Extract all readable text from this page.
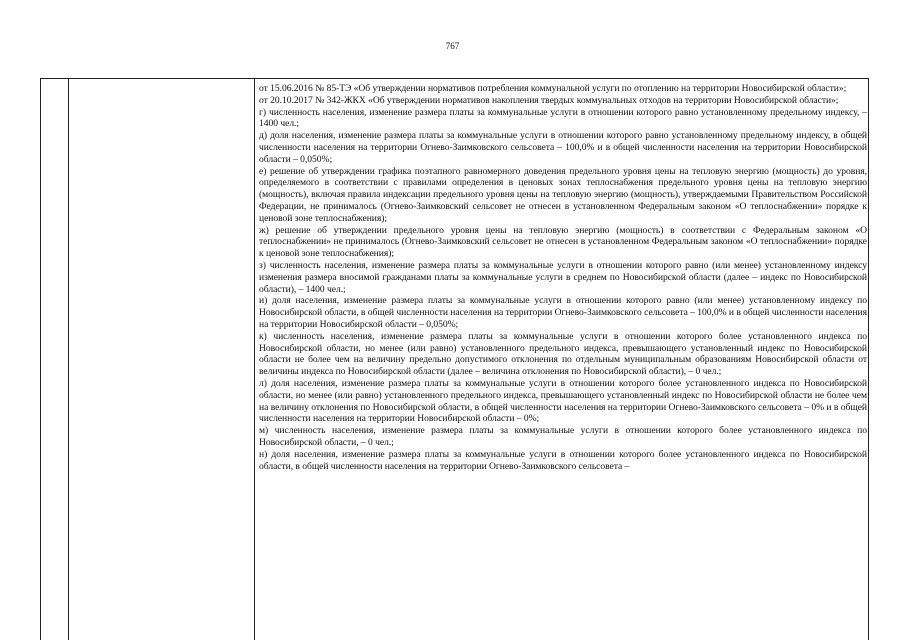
767

от 15.06.2016 № 85-ТЭ «Об утверждении нормативов потребления коммунальной услуги по отоплению на территории Новосибирской области»;

от 20.10.2017 № 342-ЖКХ «Об утверждении нормативов накопления твердых коммунальных отходов на территории Новосибирской области»;

г) численность населения, изменение размера платы за коммунальные услуги в отношении которого равно установленному предельному индексу, – 1400 чел.;

д) доля населения, изменение размера платы за коммунальные услуги в отношении которого равно установленному предельному индексу, в общей численности населения на территории Огнево-Заимковского сельсовета – 100,0% и в общей численности населения на территории Новосибирской области – 0,050%;

е) решение об утверждении графика поэтапного равномерного доведения предельного уровня цены на тепловую энергию (мощность) до уровня, определяемого в соответствии с правилами определения в ценовых зонах теплоснабжения предельного уровня цены на тепловую энергию (мощность), включая правила индексации предельного уровня цены на тепловую энергию (мощность), утверждаемыми Правительством Российской Федерации, не принималось (Огнево-Заимковский сельсовет не отнесен в установленном Федеральным законом «О теплоснабжении» порядке к ценовой зоне теплоснабжения);

ж) решение об утверждении предельного уровня цены на тепловую энергию (мощность) в соответствии с Федеральным законом «О теплоснабжении» не принималось (Огнево-Заимковский сельсовет не отнесен в установленном Федеральным законом «О теплоснабжении» порядке к ценовой зоне теплоснабжения);

з) численность населения, изменение размера платы за коммунальные услуги в отношении которого равно (или менее) установленному индексу изменения размера вносимой гражданами платы за коммунальные услуги в среднем по Новосибирской области (далее – индекс по Новосибирской области), – 1400 чел.;

и) доля населения, изменение размера платы за коммунальные услуги в отношении которого равно (или менее) установленному индексу по Новосибирской области, в общей численности населения на территории Огнево-Заимковского сельсовета – 100,0% и в общей численности населения на территории Новосибирской области – 0,050%;

к) численность населения, изменение размера платы за коммунальные услуги в отношении которого более установленного индекса по Новосибирской области, но менее (или равно) установленного предельного индекса, превышающего установленный индекс по Новосибирской области не более чем на величину предельно допустимого отклонения по отдельным муниципальным образованиям Новосибирской области от величины индекса по Новосибирской области (далее – величина отклонения по Новосибирской области), – 0 чел.;

л) доля населения, изменение размера платы за коммунальные услуги в отношении которого более установленного индекса по Новосибирской области, но менее (или равно) установленного предельного индекса, превышающего установленный индекс по Новосибирской области не более чем на величину отклонения по Новосибирской области, в общей численности населения на территории Огнево-Заимковского сельсовета – 0% и в общей численности населения на территории Новосибирской области – 0%;

м) численность населения, изменение размера платы за коммунальные услуги в отношении которого более установленного индекса по Новосибирской области, – 0 чел.;

н) доля населения, изменение размера платы за коммунальные услуги в отношении которого более установленного индекса по Новосибирской области, в общей численности населения на территории Огнево-Заимковского сельсовета –
